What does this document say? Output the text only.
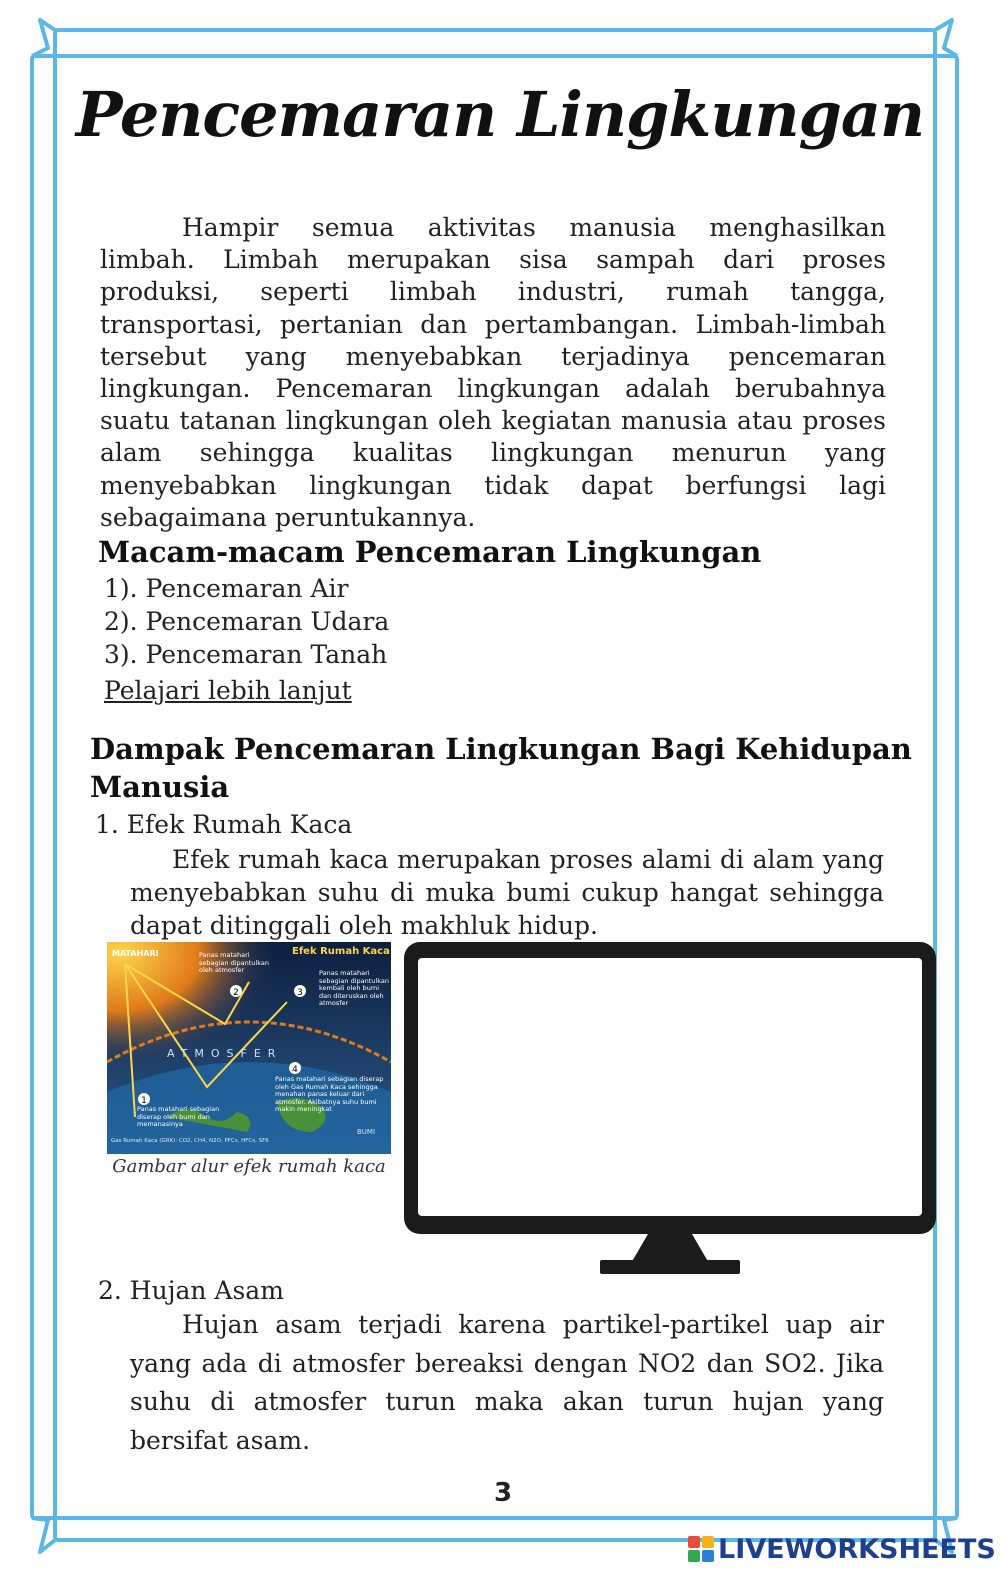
Pencemaran Lingkungan
Hampir semua aktivitas manusia menghasilkan limbah. Limbah merupakan sisa sampah dari proses produksi, seperti limbah industri, rumah tangga, transportasi, pertanian dan pertambangan. Limbah-limbah tersebut yang menyebabkan terjadinya pencemaran lingkungan. Pencemaran lingkungan adalah berubahnya suatu tatanan lingkungan oleh kegiatan manusia atau proses alam sehingga kualitas lingkungan menurun yang menyebabkan lingkungan tidak dapat berfungsi lagi sebagaimana peruntukannya.
Macam-macam Pencemaran Lingkungan
1). Pencemaran Air
2). Pencemaran Udara
3). Pencemaran Tanah
Pelajari lebih lanjut
Dampak Pencemaran Lingkungan Bagi Kehidupan
Manusia
1. Efek Rumah Kaca
Efek rumah kaca merupakan proses alami di alam yang menyebabkan suhu di muka bumi cukup hangat sehingga dapat ditinggali oleh makhluk hidup.
2	3
4
1
MATAHARI	Efek Rumah Kaca
ATMOSFER
BUMI
Panas matahari sebagian dipantulkan oleh atmosfer	Panas matahari sebagian dipantulkan kembali oleh bumi dan diteruskan oleh atmosfer
Panas matahari sebagian diserap oleh Gas Rumah Kaca sehingga menahan panas keluar dari atmosfer. Akibatnya suhu bumi makin meningkat
Panas matahari sebagian diserap oleh bumi dan memanasinya
Gas Rumah Kaca (GRK): CO2, CH4, N2O, PFCs, HFCs, SF6
Gambar alur efek rumah kaca
2. Hujan Asam
Hujan asam terjadi karena partikel-partikel uap air yang ada di atmosfer bereaksi dengan NO2 dan SO2. Jika suhu di atmosfer turun maka akan turun hujan yang bersifat asam.
3
LIVEWORKSHEETS
